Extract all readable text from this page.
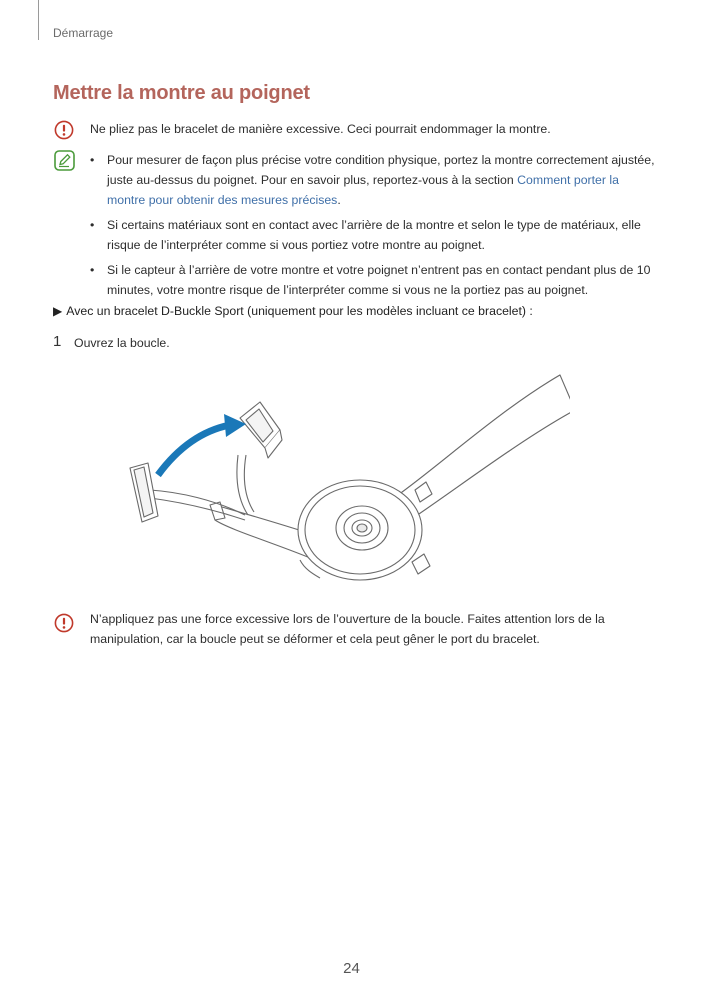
Démarrage
Mettre la montre au poignet
Ne pliez pas le bracelet de manière excessive. Ceci pourrait endommager la montre.
• Pour mesurer de façon plus précise votre condition physique, portez la montre correctement ajustée, juste au-dessus du poignet. Pour en savoir plus, reportez-vous à la section Comment porter la montre pour obtenir des mesures précises.
• Si certains matériaux sont en contact avec l’arrière de la montre et selon le type de matériaux, elle risque de l’interpréter comme si vous portiez votre montre au poignet.
• Si le capteur à l’arrière de votre montre et votre poignet n’entrent pas en contact pendant plus de 10 minutes, votre montre risque de l’interpréter comme si vous ne la portiez pas au poignet.
▶ Avec un bracelet D-Buckle Sport (uniquement pour les modèles incluant ce bracelet) :
1 Ouvrez la boucle.
N’appliquez pas une force excessive lors de l’ouverture de la boucle. Faites attention lors de la manipulation, car la boucle peut se déformer et cela peut gêner le port du bracelet.
24
